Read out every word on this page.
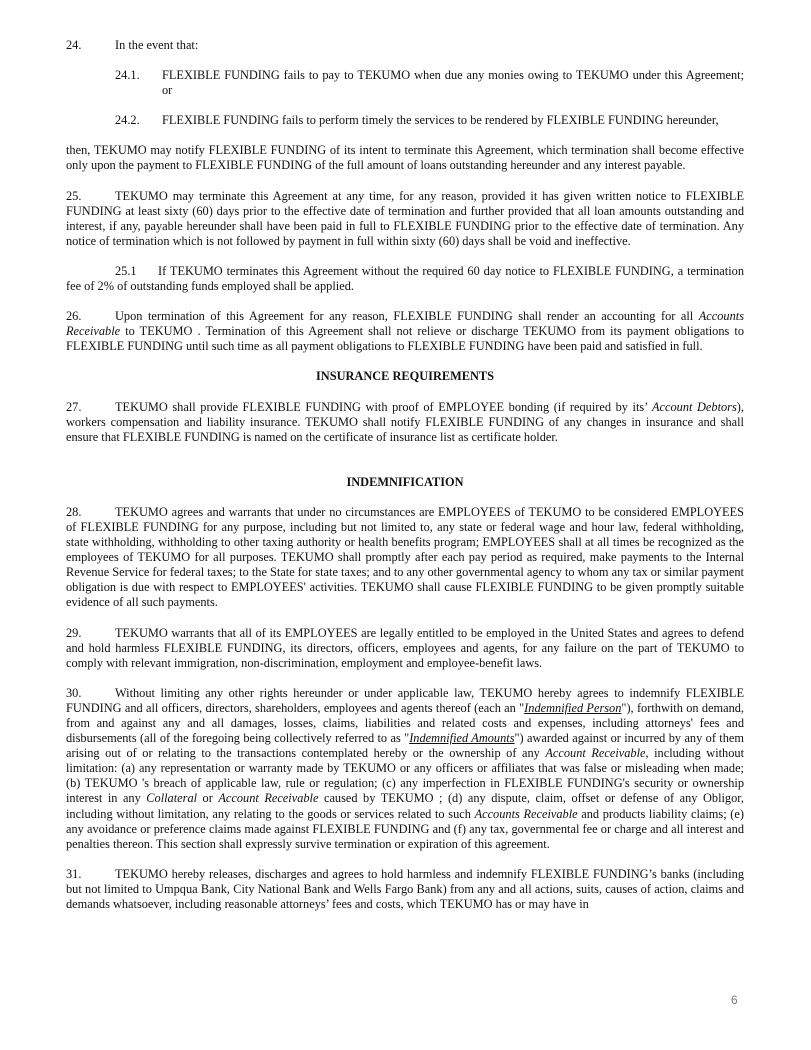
24.	In the event that:

24.1.	FLEXIBLE FUNDING fails to pay to TEKUMO when due any monies owing to TEKUMO under this Agreement; or
24.2.	FLEXIBLE FUNDING fails to perform timely the services to be rendered by FLEXIBLE FUNDING hereunder,

then, TEKUMO may notify FLEXIBLE FUNDING of its intent to terminate this Agreement, which termination shall become effective only upon the payment to FLEXIBLE FUNDING of the full amount of loans outstanding hereunder and any interest payable.

25.	TEKUMO may terminate this Agreement at any time, for any reason, provided it has given written notice to FLEXIBLE FUNDING at least sixty (60) days prior to the effective date of termination and further provided that all loan amounts outstanding and interest, if any, payable hereunder shall have been paid in full to FLEXIBLE FUNDING prior to the effective date of termination. Any notice of termination which is not followed by payment in full within sixty (60) days shall be void and ineffective.

25.1 If TEKUMO terminates this Agreement without the required 60 day notice to FLEXIBLE FUNDING, a termination fee of 2% of outstanding funds employed shall be applied.

26.	Upon termination of this Agreement for any reason, FLEXIBLE FUNDING shall render an accounting for all Accounts Receivable to TEKUMO . Termination of this Agreement shall not relieve or discharge TEKUMO from its payment obligations to FLEXIBLE FUNDING until such time as all payment obligations to FLEXIBLE FUNDING have been paid and satisfied in full.

INSURANCE REQUIREMENTS

27.	TEKUMO shall provide FLEXIBLE FUNDING with proof of EMPLOYEE bonding (if required by its’ Account Debtors), workers compensation and liability insurance. TEKUMO shall notify FLEXIBLE FUNDING of any changes in insurance and shall ensure that FLEXIBLE FUNDING is named on the certificate of insurance list as certificate holder.

INDEMNIFICATION

28.	TEKUMO agrees and warrants that under no circumstances are EMPLOYEES of TEKUMO to be considered EMPLOYEES of FLEXIBLE FUNDING for any purpose, including but not limited to, any state or federal wage and hour law, federal withholding, state withholding, withholding to other taxing authority or health benefits program; EMPLOYEES shall at all times be recognized as the employees of TEKUMO for all purposes. TEKUMO shall promptly after each pay period as required, make payments to the Internal Revenue Service for federal taxes; to the State for state taxes; and to any other governmental agency to whom any tax or similar payment obligation is due with respect to EMPLOYEES' activities. TEKUMO shall cause FLEXIBLE FUNDING to be given promptly suitable evidence of all such payments.

29.	TEKUMO warrants that all of its EMPLOYEES are legally entitled to be employed in the United States and agrees to defend and hold harmless FLEXIBLE FUNDING, its directors, officers, employees and agents, for any failure on the part of TEKUMO to comply with relevant immigration, non-discrimination, employment and employee-benefit laws.

30.	Without limiting any other rights hereunder or under applicable law, TEKUMO hereby agrees to indemnify FLEXIBLE FUNDING and all officers, directors, shareholders, employees and agents thereof (each an "Indemnified Person"), forthwith on demand, from and against any and all damages, losses, claims, liabilities and related costs and expenses, including attorneys' fees and disbursements (all of the foregoing being collectively referred to as "Indemnified Amounts") awarded against or incurred by any of them arising out of or relating to the transactions contemplated hereby or the ownership of any Account Receivable, including without limitation: (a) any representation or warranty made by TEKUMO or any officers or affiliates that was false or misleading when made; (b) TEKUMO 's breach of applicable law, rule or regulation; (c) any imperfection in FLEXIBLE FUNDING's security or ownership interest in any Collateral or Account Receivable caused by TEKUMO ; (d) any dispute, claim, offset or defense of any Obligor, including without limitation, any relating to the goods or services related to such Accounts Receivable and products liability claims; (e) any avoidance or preference claims made against FLEXIBLE FUNDING and (f) any tax, governmental fee or charge and all interest and penalties thereon. This section shall expressly survive termination or expiration of this agreement.

31.	TEKUMO hereby releases, discharges and agrees to hold harmless and indemnify FLEXIBLE FUNDING’s banks (including but not limited to Umpqua Bank, City National Bank and Wells Fargo Bank) from any and all actions, suits, causes of action, claims and demands whatsoever, including reasonable attorneys’ fees and costs, which TEKUMO has or may have in

6
